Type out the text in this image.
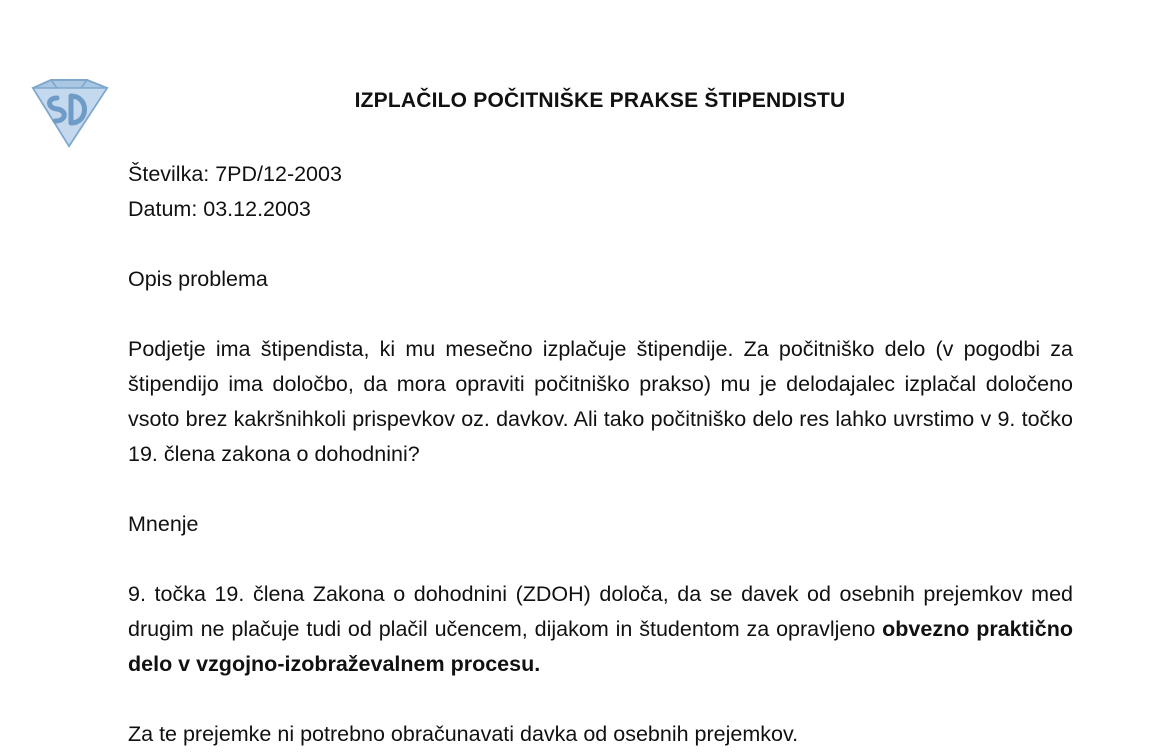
IZPLAČILO POČITNIŠKE PRAKSE ŠTIPENDISTU

Številka: 7PD/12-2003

Datum: 03.12.2003

Opis problema

Podjetje ima štipendista, ki mu mesečno izplačuje štipendije. Za počitniško delo (v pogodbi za štipendijo ima določbo, da mora opraviti počitniško prakso) mu je delodajalec izplačal določeno vsoto brez kakršnihkoli prispevkov oz. davkov. Ali tako počitniško delo res lahko uvrstimo v 9. točko 19. člena zakona o dohodnini?

Mnenje

9. točka 19. člena Zakona o dohodnini (ZDOH) določa, da se davek od osebnih prejemkov med drugim ne plačuje tudi od plačil učencem, dijakom in študentom za opravljeno obvezno praktično delo v vzgojno-izobraževalnem procesu.

Za te prejemke ni potrebno obračunavati davka od osebnih prejemkov.
